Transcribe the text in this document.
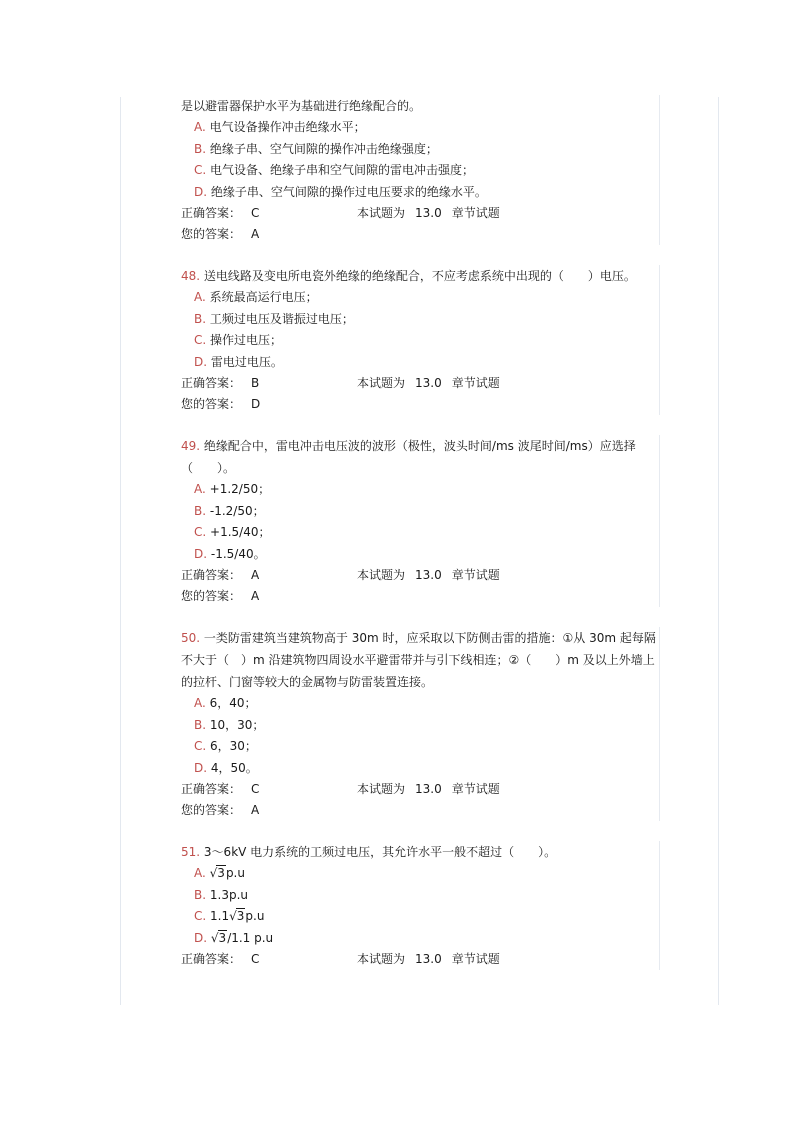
是以避雷器保护水平为基础进行绝缘配合的。
A. 电气设备操作冲击绝缘水平；
B. 绝缘子串、空气间隙的操作冲击绝缘强度；
C. 电气设备、绝缘子串和空气间隙的雷电冲击强度；
D. 绝缘子串、空气间隙的操作过电压要求的绝缘水平。
正确答案： C	本试题为 13.0 章节试题
您的答案： A
48. 送电线路及变电所电瓷外绝缘的绝缘配合，不应考虑系统中出现的（　　）电压。
A. 系统最高运行电压；
B. 工频过电压及谐振过电压；
C. 操作过电压；
D. 雷电过电压。
正确答案： B	本试题为 13.0 章节试题
您的答案： D
49. 绝缘配合中，雷电冲击电压波的波形（极性，波头时间/ms 波尾时间/ms）应选择（　　）。
A. +1.2/50；
B. -1.2/50；
C. +1.5/40；
D. -1.5/40。
正确答案： A	本试题为 13.0 章节试题
您的答案： A
50. 一类防雷建筑当建筑物高于 30m 时，应采取以下防侧击雷的措施：①从 30m 起每隔不大于（　）m 沿建筑物四周设水平避雷带并与引下线相连；②（　　）m 及以上外墙上的拉杆、门窗等较大的金属物与防雷装置连接。
A. 6，40；
B. 10，30；
C. 6，30；
D. 4，50。
正确答案： C	本试题为 13.0 章节试题
您的答案： A
51. 3～6kV 电力系统的工频过电压，其允许水平一般不超过（　　）。
A. √3p.u
B. 1.3p.u
C. 1.1√3p.u
D. √3/1.1 p.u
正确答案： C	本试题为 13.0 章节试题
